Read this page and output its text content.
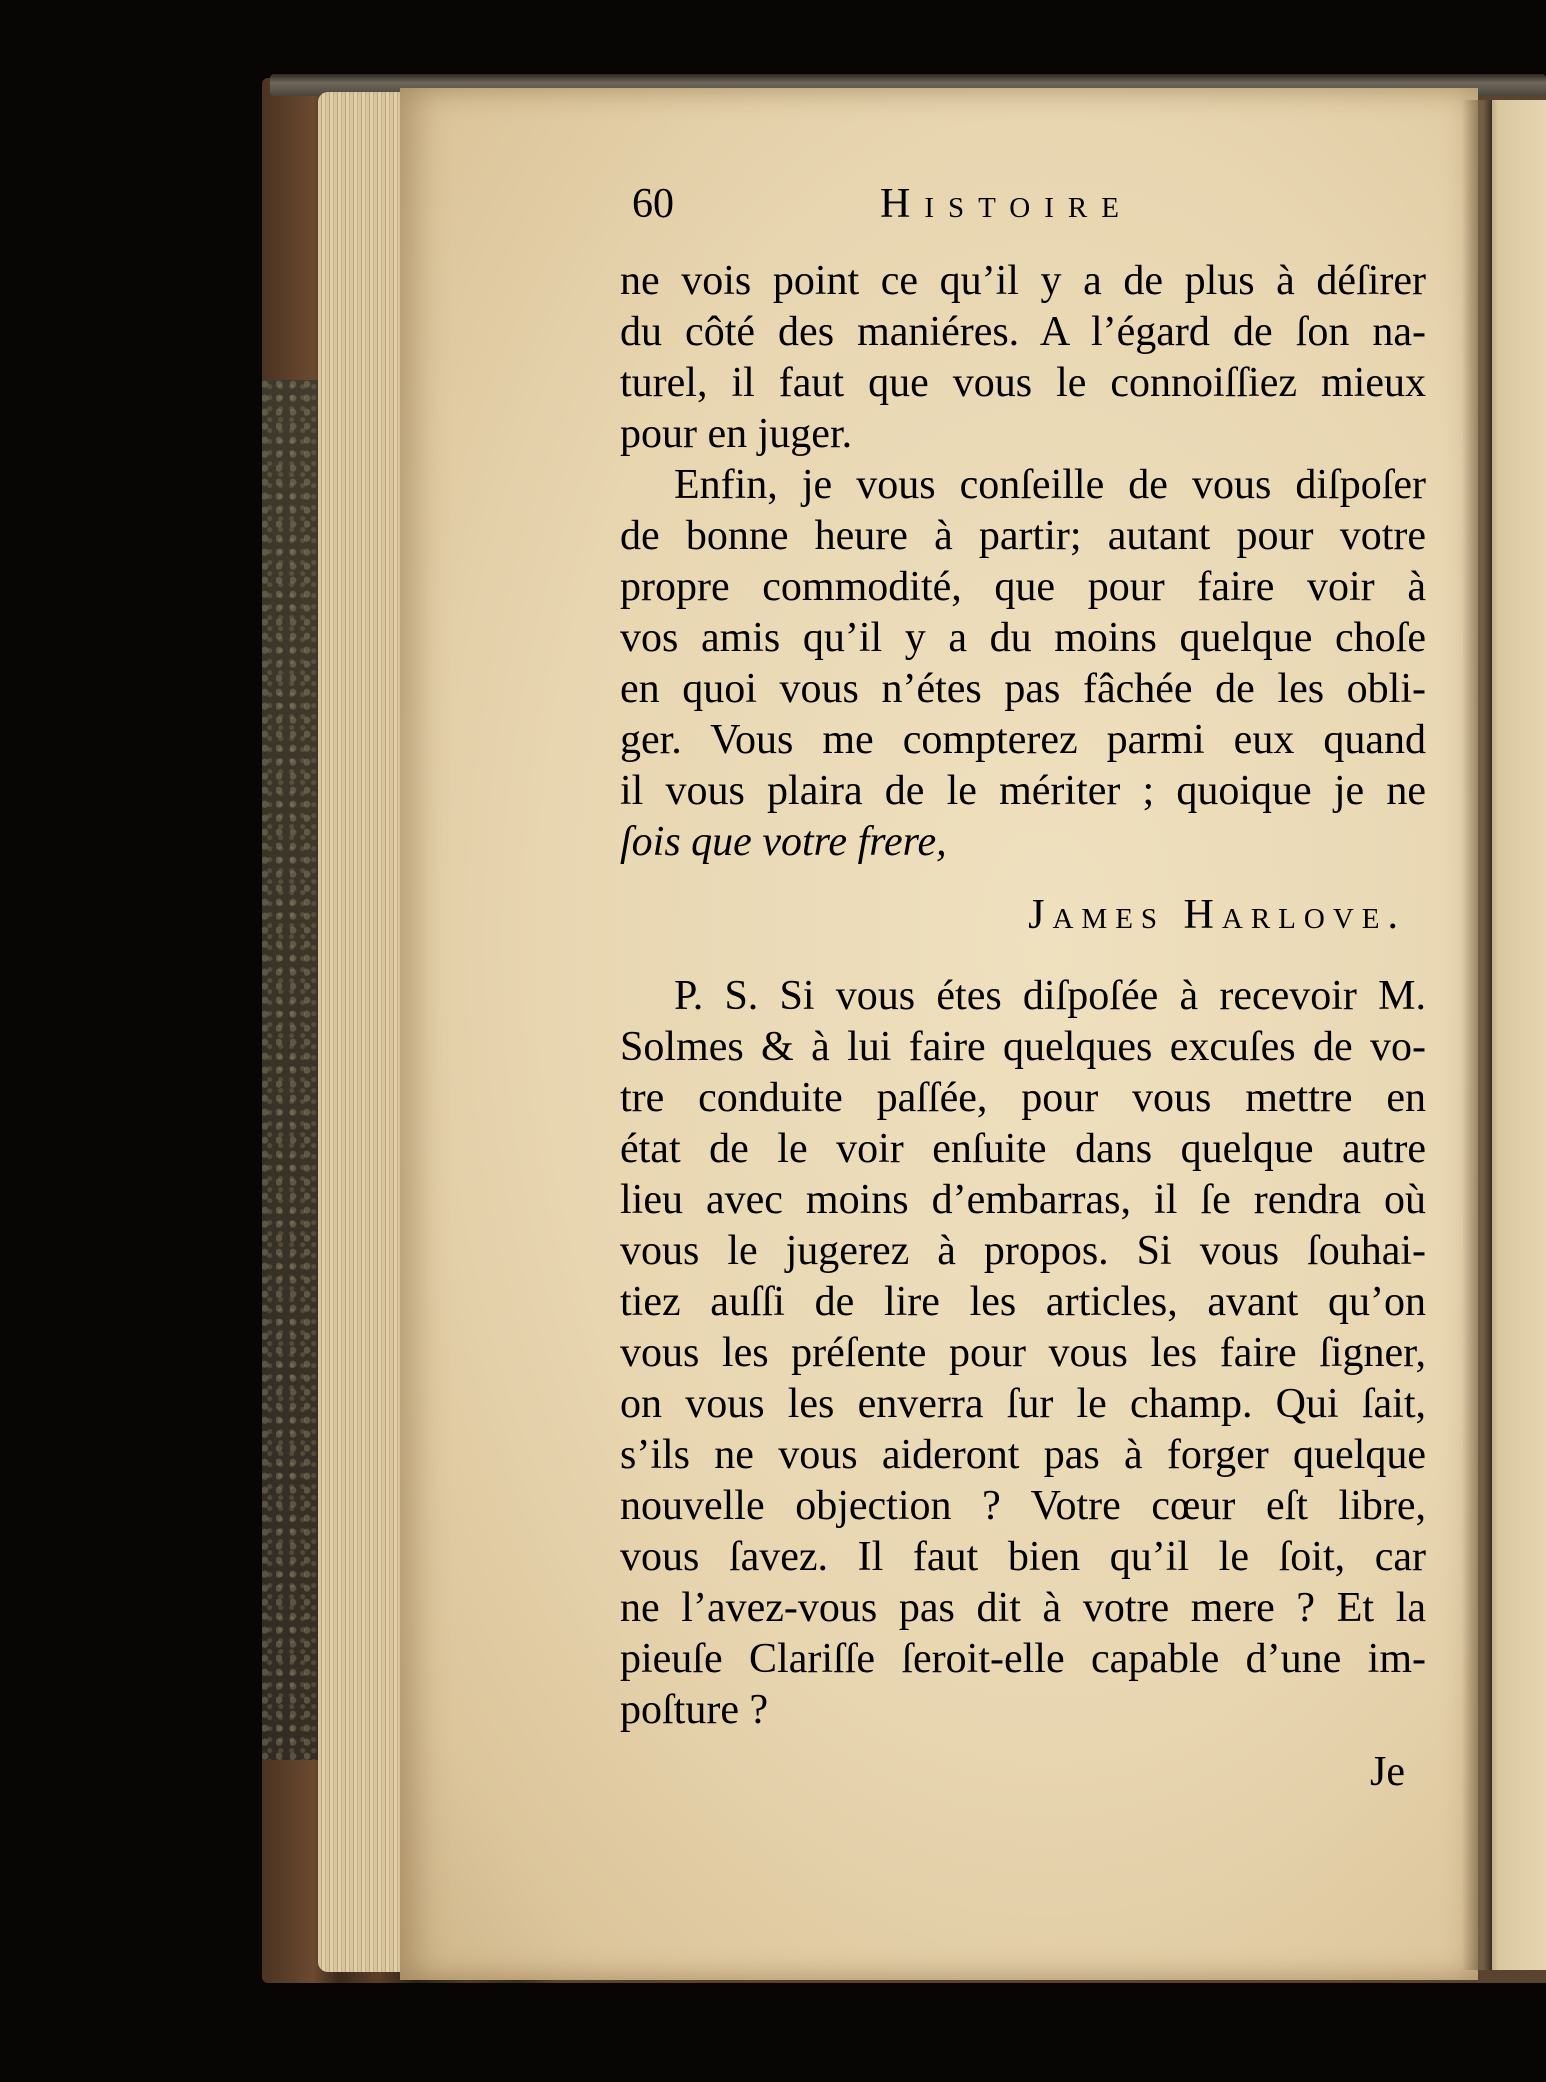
60	Histoire
ne vois point ce qu’il y a de plus à déſirer
du côté des maniéres. A l’égard de ſon na-
turel, il faut que vous le connoiſſiez mieux
pour en juger.
Enfin, je vous conſeille de vous diſpoſer
de bonne heure à partir; autant pour votre
propre commodité, que pour faire voir à
vos amis qu’il y a du moins quelque choſe
en quoi vous n’étes pas fâchée de les obli-
ger. Vous me compterez parmi eux quand
il vous plaira de le mériter ; quoique je ne
ſois que votre frere,
James Harlove.
P. S. Si vous étes diſpoſée à recevoir M.
Solmes & à lui faire quelques excuſes de vo-
tre conduite paſſée, pour vous mettre en
état de le voir enſuite dans quelque autre
lieu avec moins d’embarras, il ſe rendra où
vous le jugerez à propos. Si vous ſouhai-
tiez auſſi de lire les articles, avant qu’on
vous les préſente pour vous les faire ſigner,
on vous les enverra ſur le champ. Qui ſait,
s’ils ne vous aideront pas à forger quelque
nouvelle objection ? Votre cœur eſt libre,
vous ſavez. Il faut bien qu’il le ſoit, car
ne l’avez-vous pas dit à votre mere ? Et la
pieuſe Clariſſe ſeroit-elle capable d’une im-
poſture ?
Je
